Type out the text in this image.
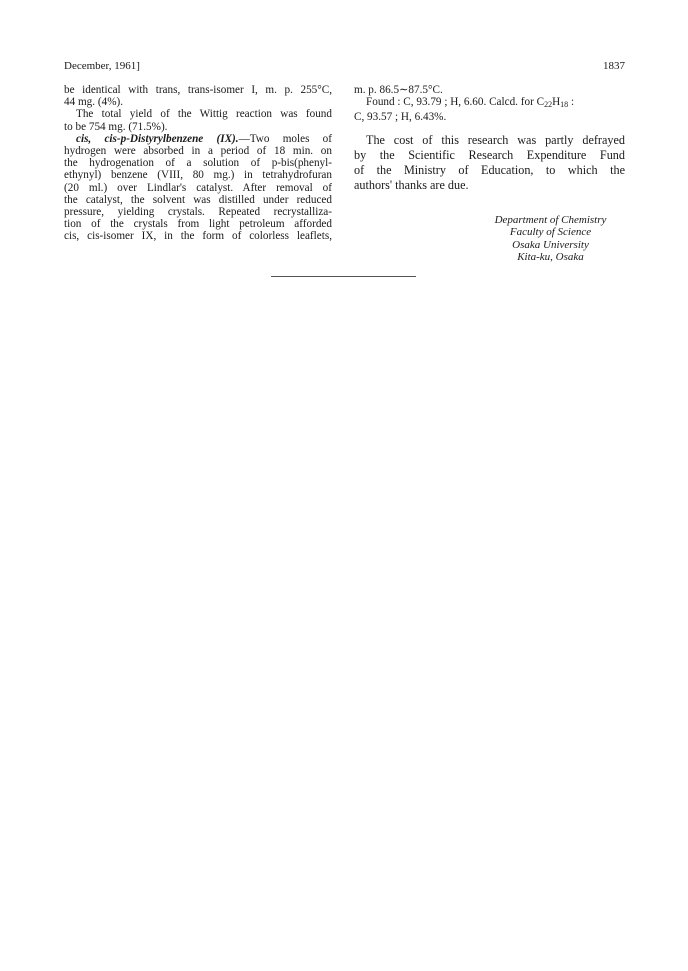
December, 1961]	1837
be identical with trans, trans-isomer I, m. p. 255°C,
44 mg. (4%).
The total yield of the Wittig reaction was found
to be 754 mg. (71.5%).
cis, cis-p-Distyrylbenzene (IX).—Two moles of
hydrogen were absorbed in a period of 18 min. on
the hydrogenation of a solution of p-bis(phenyl-
ethynyl) benzene (VIII, 80 mg.) in tetrahydrofuran
(20 ml.) over Lindlar's catalyst. After removal of
the catalyst, the solvent was distilled under reduced
pressure, yielding crystals. Repeated recrystalliza-
tion of the crystals from light petroleum afforded
cis, cis-isomer IX, in the form of colorless leaflets,
m. p. 86.5∼87.5°C.
Found : C, 93.79 ; H, 6.60. Calcd. for $C_{22}H_{18}$ :
C, 93.57 ; H, 6.43%.
The cost of this research was partly defrayed
by the Scientific Research Expenditure Fund
of the Ministry of Education, to which the
authors' thanks are due.
Department of Chemistry
Faculty of Science
Osaka University
Kita-ku, Osaka
